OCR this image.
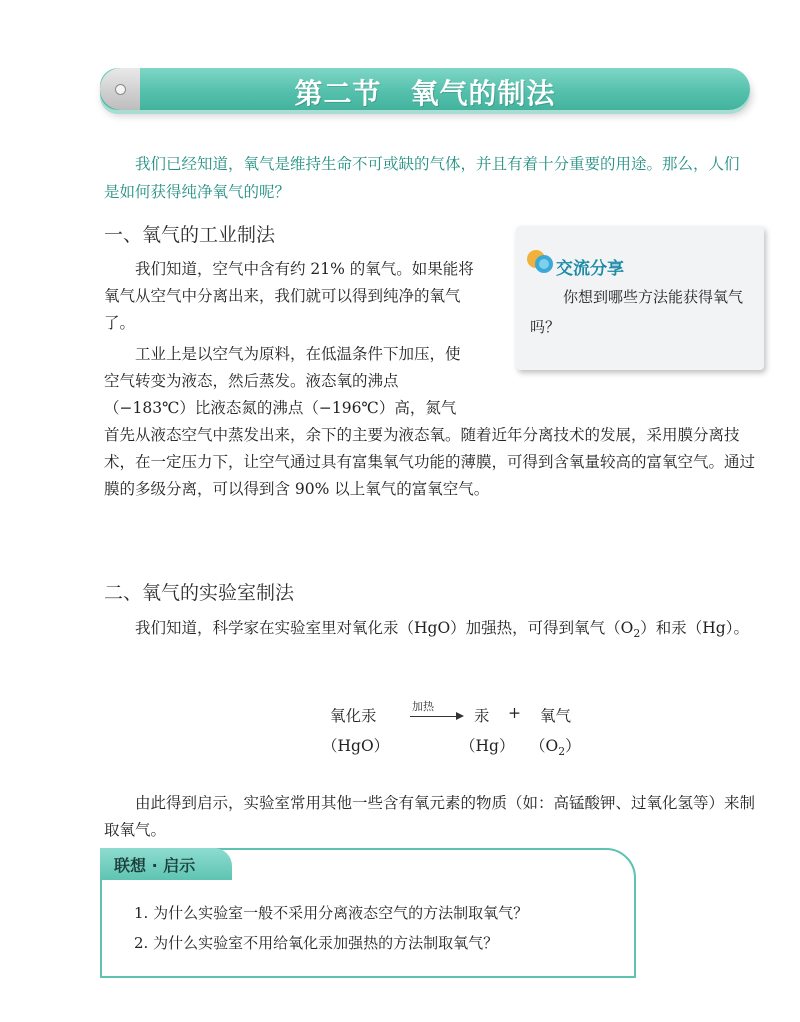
第二节　氧气的制法
我们已经知道，氧气是维持生命不可或缺的气体，并且有着十分重要的用途。那么，人们是如何获得纯净氧气的呢？
一、氧气的工业制法

我们知道，空气中含有约 21% 的氧气。如果能将氧气从空气中分离出来，我们就可以得到纯净的氧气了。

工业上是以空气为原料，在低温条件下加压，使空气转变为液态，然后蒸发。液态氧的沸点（−183℃）比液态氮的沸点（−196℃）高，氮气首先从液态空气中蒸发出来，余下的主要为液态氧。随着近年分离技术的发展，采用膜分离技术，在一定压力下，让空气通过具有富集氧气功能的薄膜，可得到含氧量较高的富氧空气。通过膜的多级分离，可以得到含 90% 以上氧气的富氧空气。

交流分享
你想到哪些方法能获得氧气吗？
二、氧气的实验室制法

我们知道，科学家在实验室里对氧化汞（HgO）加强热，可得到氧气$(O_2)$和汞（Hg）。

氧化汞
（HgO）
加热
汞
（Hg）
+ 氧气
$(O_2)$

由此得到启示，实验室常用其他一些含有氧元素的物质（如：高锰酸钾、过氧化氢等）来制取氧气。

联想 · 启示
1. 为什么实验室一般不采用分离液态空气的方法制取氧气？
2. 为什么实验室不用给氧化汞加强热的方法制取氧气？
